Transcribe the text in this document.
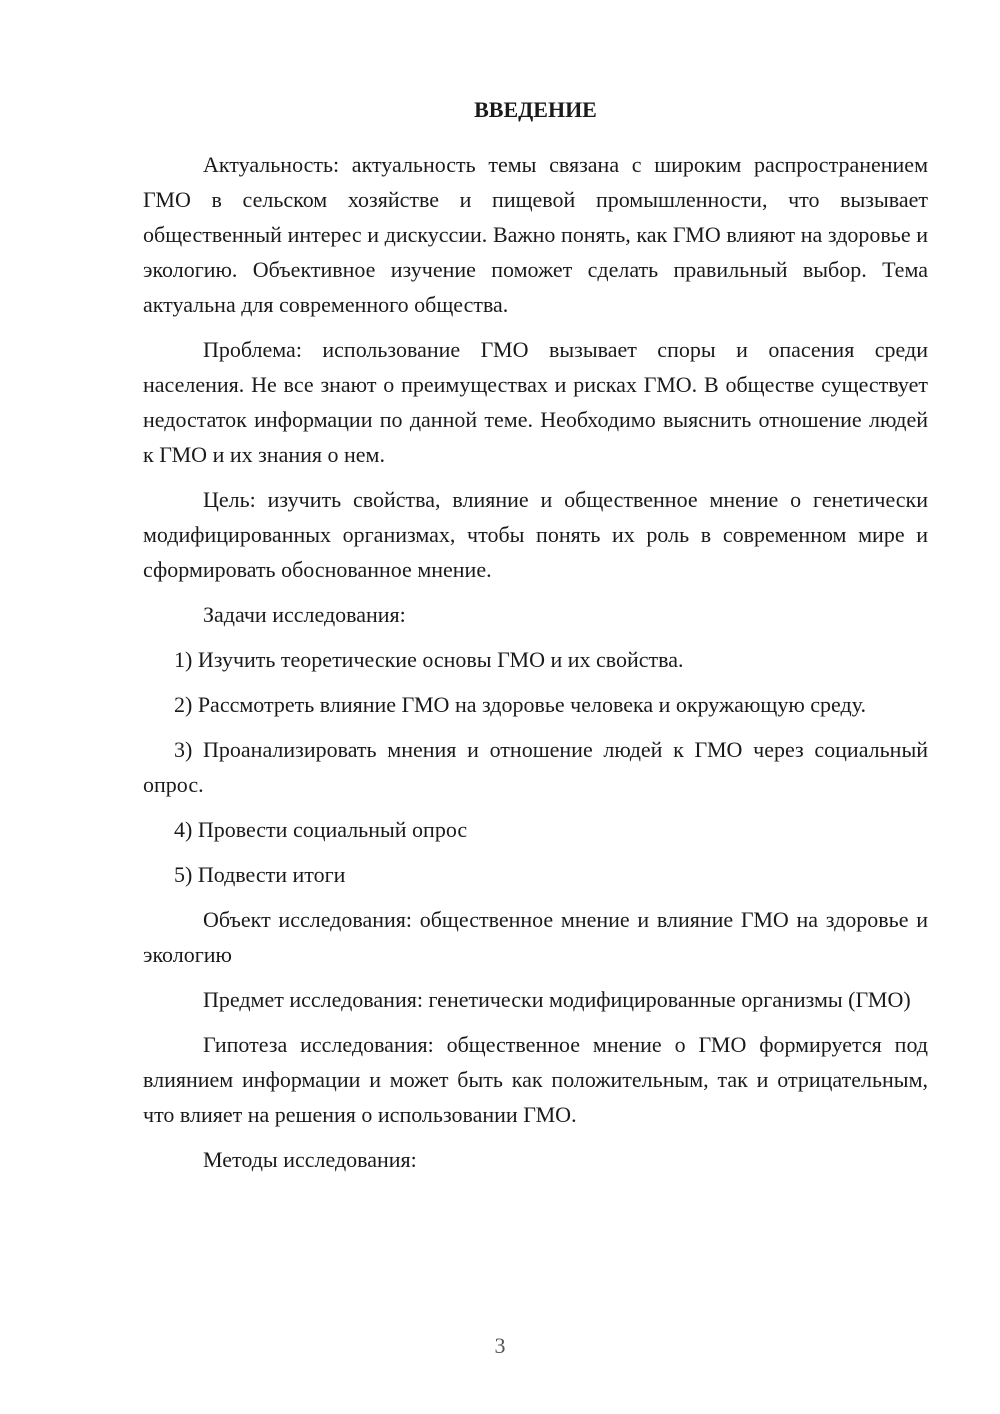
ВВЕДЕНИЕ

Актуальность: актуальность темы связана с широким распространением ГМО в сельском хозяйстве и пищевой промышленности, что вызывает общественный интерес и дискуссии. Важно понять, как ГМО влияют на здоровье и экологию. Объективное изучение поможет сделать правильный выбор. Тема актуальна для современного общества.

Проблема: использование ГМО вызывает споры и опасения среди населения. Не все знают о преимуществах и рисках ГМО. В обществе существует недостаток информации по данной теме. Необходимо выяснить отношение людей к ГМО и их знания о нем.

Цель: изучить свойства, влияние и общественное мнение о генетически модифицированных организмах, чтобы понять их роль в современном мире и сформировать обоснованное мнение.

Задачи исследования:

1) Изучить теоретические основы ГМО и их свойства.

2) Рассмотреть влияние ГМО на здоровье человека и окружающую среду.

3) Проанализировать мнения и отношение людей к ГМО через социальный опрос.

4) Провести социальный опрос

5) Подвести итоги

Объект исследования: общественное мнение и влияние ГМО на здоровье и экологию

Предмет исследования: генетически модифицированные организмы (ГМО)

Гипотеза исследования: общественное мнение о ГМО формируется под влиянием информации и может быть как положительным, так и отрицательным, что влияет на решения о использовании ГМО.

Методы исследования:

3
